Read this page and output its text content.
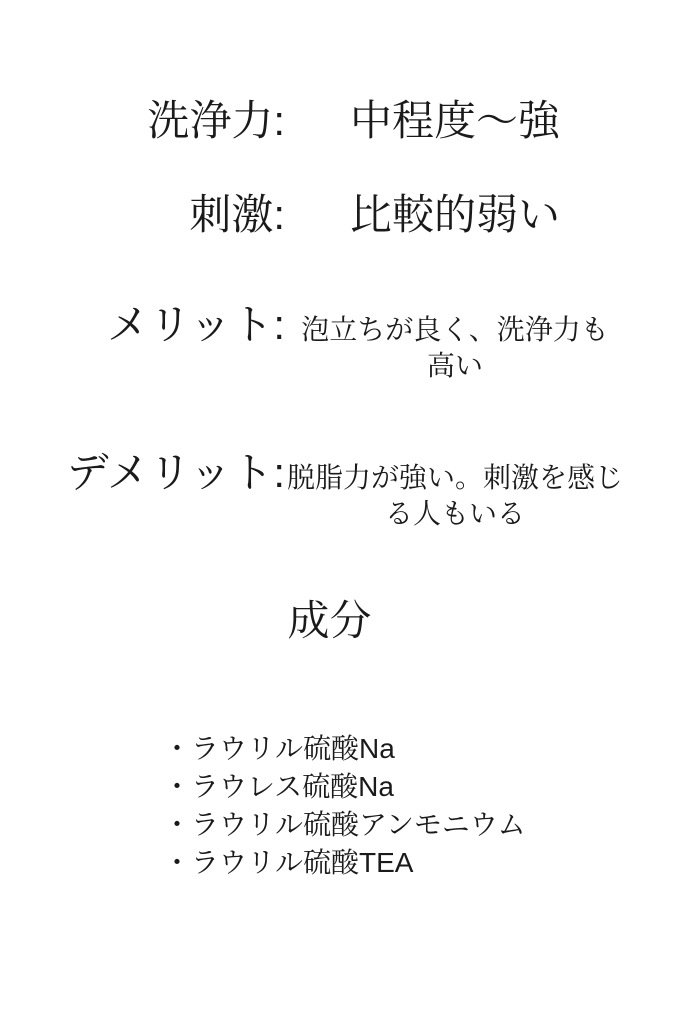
洗浄力:	中程度〜強
刺激:	比較的弱い
メリット: 泡立ちが良く、洗浄力も
高い
デメリット: 脱脂力が強い。刺激を感じ
る人もいる
成分
・ ラウリル硫酸Na
・ ラウレス硫酸Na
・ ラウリル硫酸アンモニウム
・ ラウリル硫酸TEA
